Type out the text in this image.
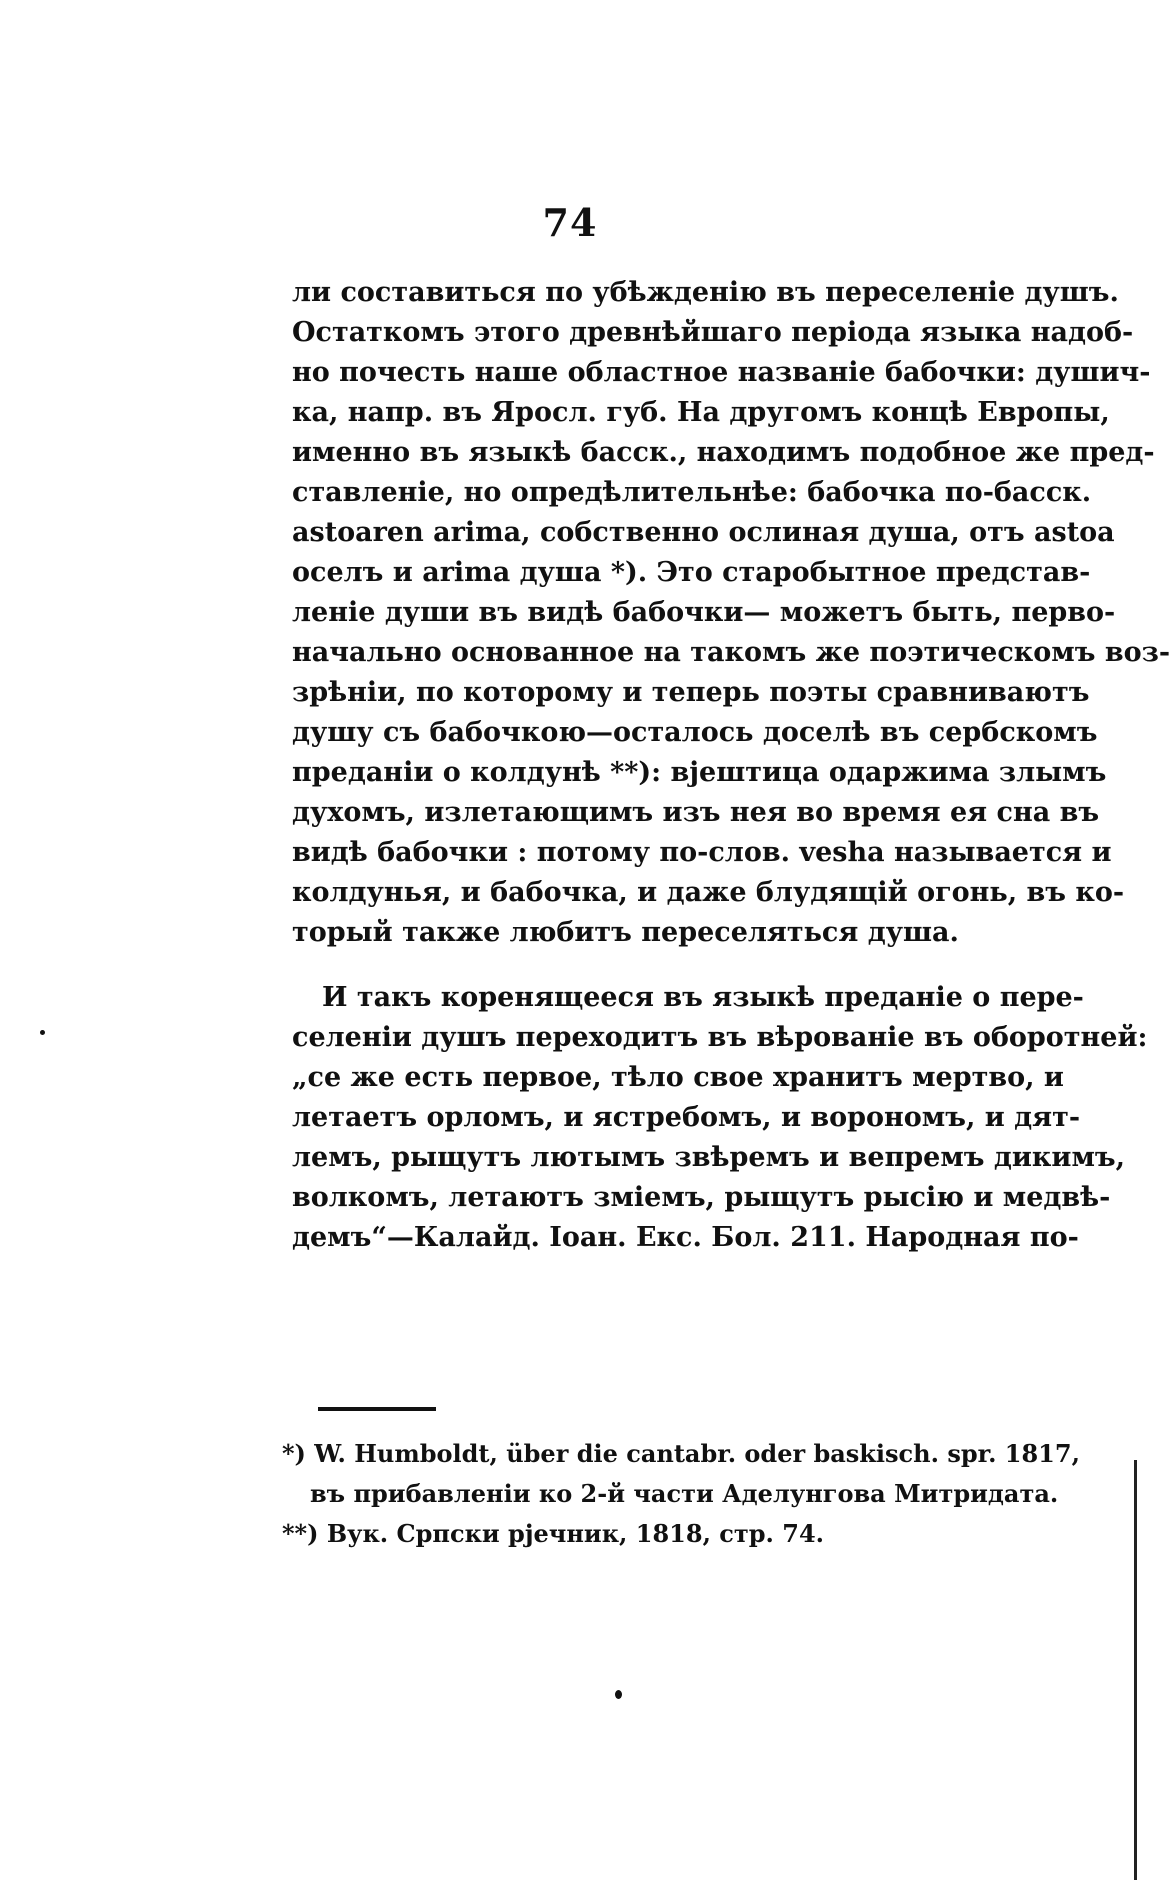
74
ли составиться по убѣжденію въ переселеніе душъ.
Остаткомъ этого древнѣйшаго періода языка надоб-
но почесть наше областное названіе бабочки: душич-
ка, напр. въ Яросл. губ. На другомъ концѣ Европы,
именно въ языкѣ басск., находимъ подобное же пред-
ставленіе, но опредѣлительнѣе: бабочка по-басск.
astoaren arima, собственно ослиная душа, отъ astoa
оселъ и arima душа *). Это старобытное представ-
леніе души въ видѣ бабочки— можетъ быть, перво-
начально основанное на такомъ же поэтическомъ воз-
зрѣніи, по которому и теперь поэты сравниваютъ
душу съ бабочкою—осталось доселѣ въ сербскомъ
преданіи о колдунѣ **): вјештица одаржима злымъ
духомъ, излетающимъ изъ нея во время ея сна въ
видѣ бабочки : потому по-слов. vesha называется и
колдунья, и бабочка, и даже блудящій огонь, въ ко-
торый также любитъ переселяться душа.
И такъ коренящееся въ языкѣ преданіе о пере-
селеніи душъ переходитъ въ вѣрованіе въ оборотней:
„се же есть первое, тѣло свое хранитъ мертво, и
летаетъ орломъ, и ястребомъ, и ворономъ, и дят-
лемъ, рыщутъ лютымъ звѣремъ и вепремъ дикимъ,
волкомъ, летаютъ зміемъ, рыщутъ рысію и медвѣ-
демъ“—Калайд. Іоан. Екс. Бол. 211. Народная по-
*) W. Humboldt, über die cantabr. oder baskisch. spr. 1817,
въ прибавленіи ко 2-й части Аделунгова Митридата.
**) Вук. Српски рјечник, 1818, стр. 74.
